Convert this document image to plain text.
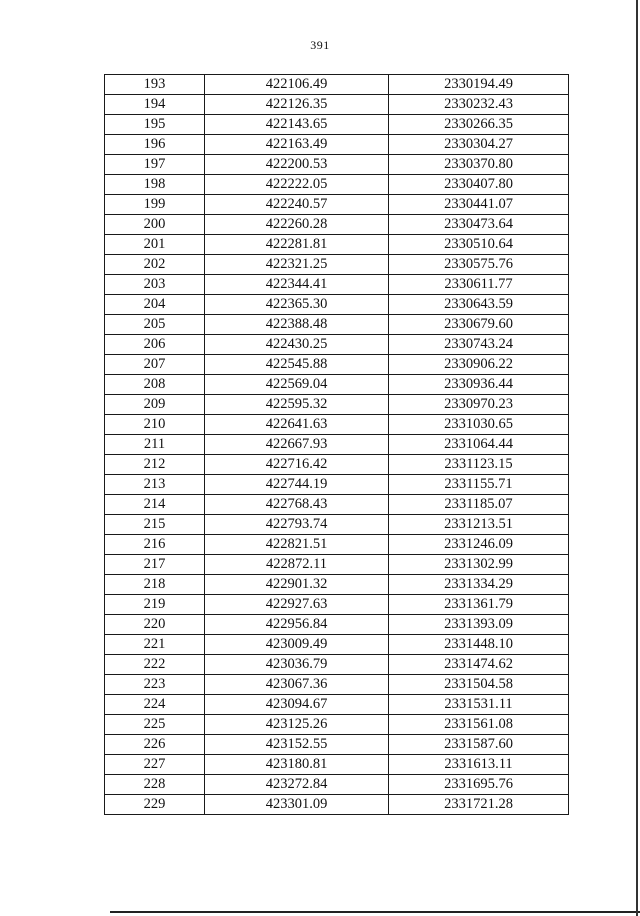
391
193	422106.49	2330194.49
194	422126.35	2330232.43
195	422143.65	2330266.35
196	422163.49	2330304.27
197	422200.53	2330370.80
198	422222.05	2330407.80
199	422240.57	2330441.07
200	422260.28	2330473.64
201	422281.81	2330510.64
202	422321.25	2330575.76
203	422344.41	2330611.77
204	422365.30	2330643.59
205	422388.48	2330679.60
206	422430.25	2330743.24
207	422545.88	2330906.22
208	422569.04	2330936.44
209	422595.32	2330970.23
210	422641.63	2331030.65
211	422667.93	2331064.44
212	422716.42	2331123.15
213	422744.19	2331155.71
214	422768.43	2331185.07
215	422793.74	2331213.51
216	422821.51	2331246.09
217	422872.11	2331302.99
218	422901.32	2331334.29
219	422927.63	2331361.79
220	422956.84	2331393.09
221	423009.49	2331448.10
222	423036.79	2331474.62
223	423067.36	2331504.58
224	423094.67	2331531.11
225	423125.26	2331561.08
226	423152.55	2331587.60
227	423180.81	2331613.11
228	423272.84	2331695.76
229	423301.09	2331721.28
